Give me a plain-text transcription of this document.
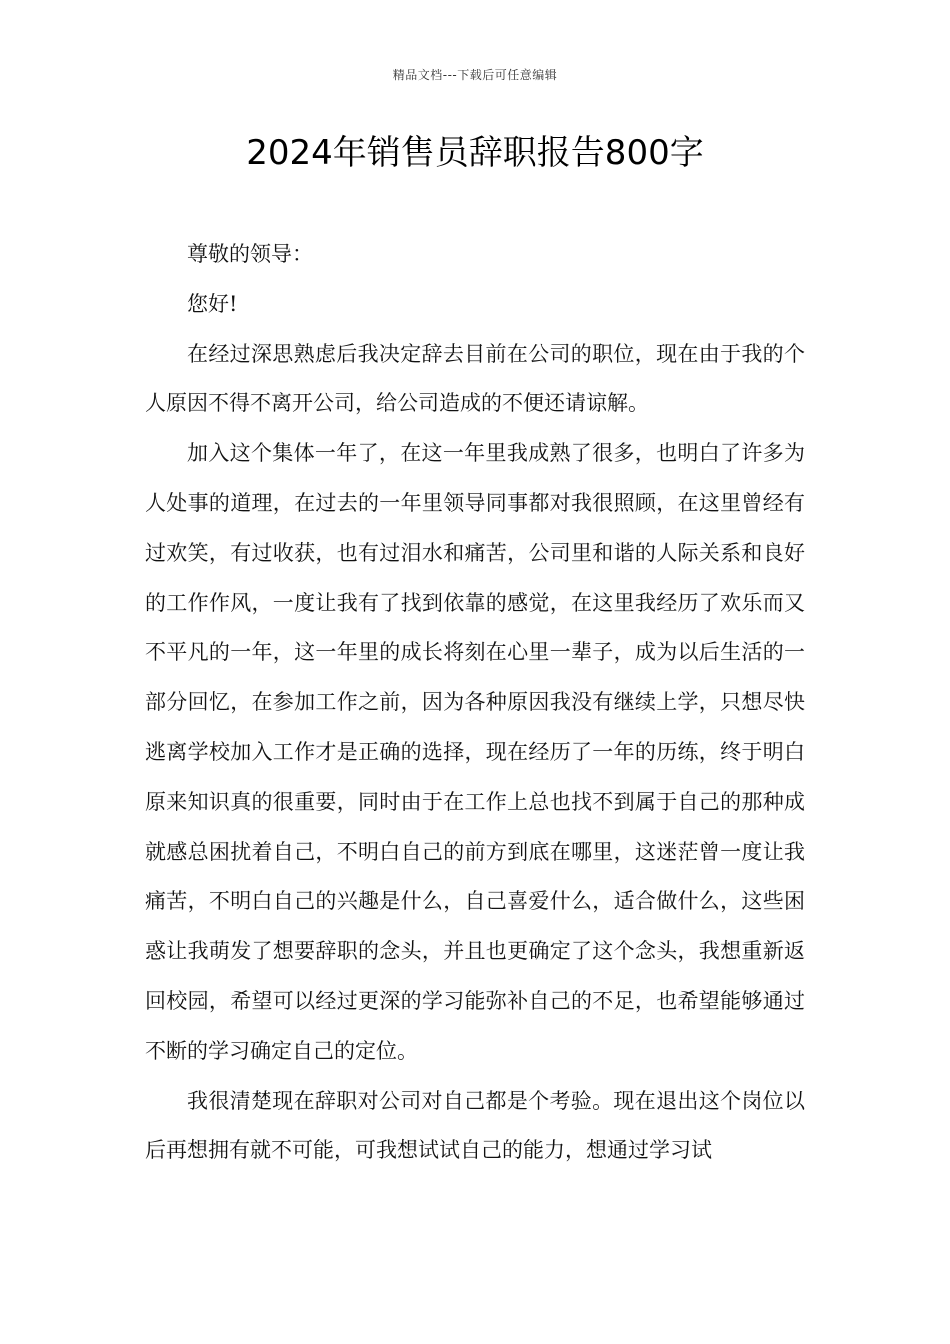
精品文档---下载后可任意编辑
2024年销售员辞职报告800字

尊敬的领导：

您好!

在经过深思熟虑后我决定辞去目前在公司的职位，现在由于我的个人原因不得不离开公司，给公司造成的不便还请谅解。

加入这个集体一年了，在这一年里我成熟了很多，也明白了许多为人处事的道理，在过去的一年里领导同事都对我很照顾，在这里曾经有过欢笑，有过收获，也有过泪水和痛苦，公司里和谐的人际关系和良好的工作作风，一度让我有了找到依靠的感觉，在这里我经历了欢乐而又不平凡的一年，这一年里的成长将刻在心里一辈子，成为以后生活的一部分回忆，在参加工作之前，因为各种原因我没有继续上学，只想尽快逃离学校加入工作才是正确的选择，现在经历了一年的历练，终于明白原来知识真的很重要，同时由于在工作上总也找不到属于自己的那种成就感总困扰着自己，不明白自己的前方到底在哪里，这迷茫曾一度让我痛苦，不明白自己的兴趣是什么，自己喜爱什么，适合做什么，这些困惑让我萌发了想要辞职的念头，并且也更确定了这个念头，我想重新返回校园，希望可以经过更深的学习能弥补自己的不足，也希望能够通过不断的学习确定自己的定位。

我很清楚现在辞职对公司对自己都是个考验。现在退出这个岗位以后再想拥有就不可能，可我想试试自己的能力，想通过学习试
